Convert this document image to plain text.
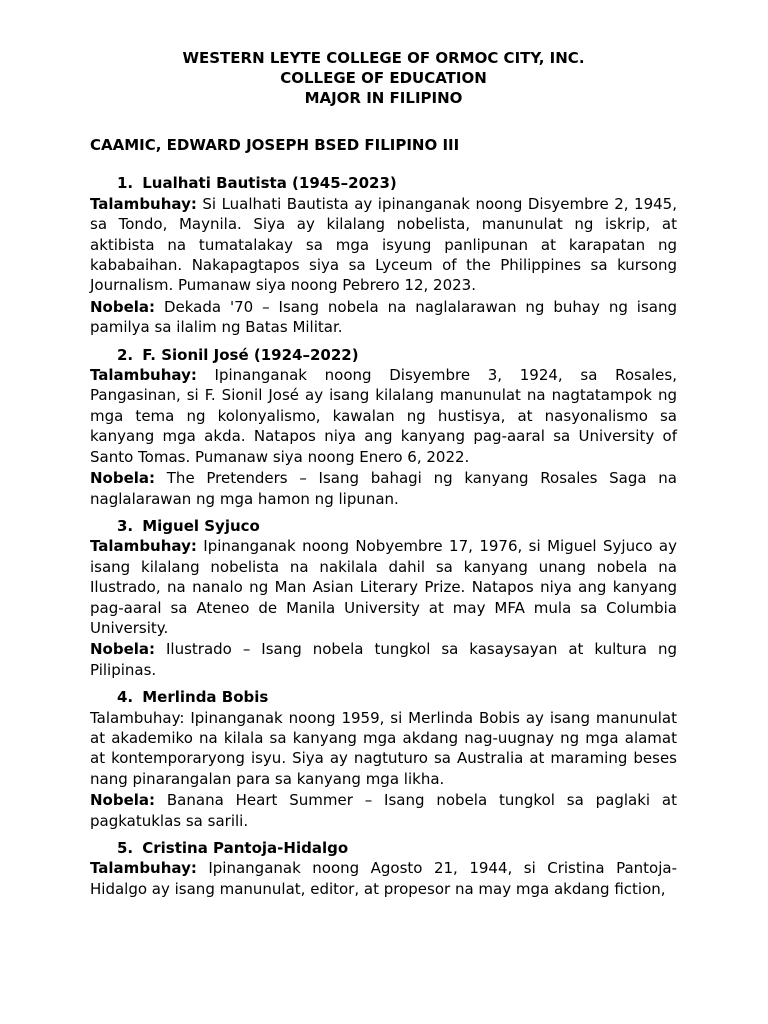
WESTERN LEYTE COLLEGE OF ORMOC CITY, INC.
COLLEGE OF EDUCATION
MAJOR IN FILIPINO
CAAMIC, EDWARD JOSEPH BSED FILIPINO III
1. Lualhati Bautista (1945–2023)

Talambuhay: Si Lualhati Bautista ay ipinanganak noong Disyembre 2, 1945, sa Tondo, Maynila. Siya ay kilalang nobelista, manunulat ng iskrip, at aktibista na tumatalakay sa mga isyung panlipunan at karapatan ng kababaihan. Nakapagtapos siya sa Lyceum of the Philippines sa kursong Journalism. Pumanaw siya noong Pebrero 12, 2023.

Nobela: Dekada '70 – Isang nobela na naglalarawan ng buhay ng isang pamilya sa ilalim ng Batas Militar.

2. F. Sionil José (1924–2022)

Talambuhay: Ipinanganak noong Disyembre 3, 1924, sa Rosales, Pangasinan, si F. Sionil José ay isang kilalang manunulat na nagtatampok ng mga tema ng kolonyalismo, kawalan ng hustisya, at nasyonalismo sa kanyang mga akda. Natapos niya ang kanyang pag-aaral sa University of Santo Tomas. Pumanaw siya noong Enero 6, 2022.

Nobela: The Pretenders – Isang bahagi ng kanyang Rosales Saga na naglalarawan ng mga hamon ng lipunan.

3. Miguel Syjuco

Talambuhay: Ipinanganak noong Nobyembre 17, 1976, si Miguel Syjuco ay isang kilalang nobelista na nakilala dahil sa kanyang unang nobela na Ilustrado, na nanalo ng Man Asian Literary Prize. Natapos niya ang kanyang pag-aaral sa Ateneo de Manila University at may MFA mula sa Columbia University.

Nobela: Ilustrado – Isang nobela tungkol sa kasaysayan at kultura ng Pilipinas.

4. Merlinda Bobis

Talambuhay: Ipinanganak noong 1959, si Merlinda Bobis ay isang manunulat at akademiko na kilala sa kanyang mga akdang nag-uugnay ng mga alamat at kontemporaryong isyu. Siya ay nagtuturo sa Australia at maraming beses nang pinarangalan para sa kanyang mga likha.

Nobela: Banana Heart Summer – Isang nobela tungkol sa paglaki at pagkatuklas sa sarili.

5. Cristina Pantoja-Hidalgo

Talambuhay: Ipinanganak noong Agosto 21, 1944, si Cristina Pantoja-Hidalgo ay isang manunulat, editor, at propesor na may mga akdang fiction,
